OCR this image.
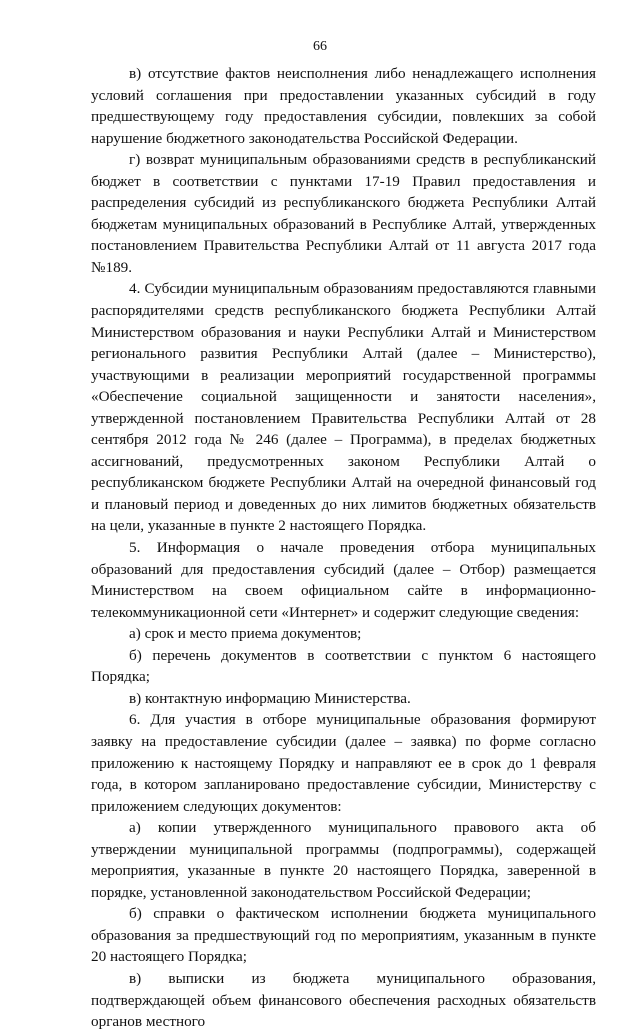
66

в) отсутствие фактов неисполнения либо ненадлежащего исполнения условий соглашения при предоставлении указанных субсидий в году предшествующему году предоставления субсидии, повлекших за собой нарушение бюджетного законодательства Российской Федерации.

г) возврат муниципальным образованиями средств в республиканский бюджет в соответствии с пунктами 17-19 Правил предоставления и распределения субсидий из республиканского бюджета Республики Алтай бюджетам муниципальных образований в Республике Алтай, утвержденных постановлением Правительства Республики Алтай от 11 августа 2017 года №189.

4. Субсидии муниципальным образованиям предоставляются главными распорядителями средств республиканского бюджета Республики Алтай Министерством образования и науки Республики Алтай и Министерством регионального развития Республики Алтай (далее – Министерство), участвующими в реализации мероприятий государственной программы «Обеспечение социальной защищенности и занятости населения», утвержденной постановлением Правительства Республики Алтай от 28 сентября 2012 года № 246 (далее – Программа), в пределах бюджетных ассигнований, предусмотренных законом Республики Алтай о республиканском бюджете Республики Алтай на очередной финансовый год и плановый период и доведенных до них лимитов бюджетных обязательств на цели, указанные в пункте 2 настоящего Порядка.

5. Информация о начале проведения отбора муниципальных образований для предоставления субсидий (далее – Отбор) размещается Министерством на своем официальном сайте в информационно-телекоммуникационной сети «Интернет» и содержит следующие сведения:

а) срок и место приема документов;

б) перечень документов в соответствии с пунктом 6 настоящего Порядка;

в) контактную информацию Министерства.

6. Для участия в отборе муниципальные образования формируют заявку на предоставление субсидии (далее – заявка) по форме согласно приложению к настоящему Порядку и направляют ее в срок до 1 февраля года, в котором запланировано предоставление субсидии, Министерству с приложением следующих документов:

а) копии утвержденного муниципального правового акта об утверждении муниципальной программы (подпрограммы), содержащей мероприятия, указанные в пункте 20 настоящего Порядка, заверенной в порядке, установленной законодательством Российской Федерации;

б) справки о фактическом исполнении бюджета муниципального образования за предшествующий год по мероприятиям, указанным в пункте 20 настоящего Порядка;

в) выписки из бюджета муниципального образования, подтверждающей объем финансового обеспечения расходных обязательств органов местного
